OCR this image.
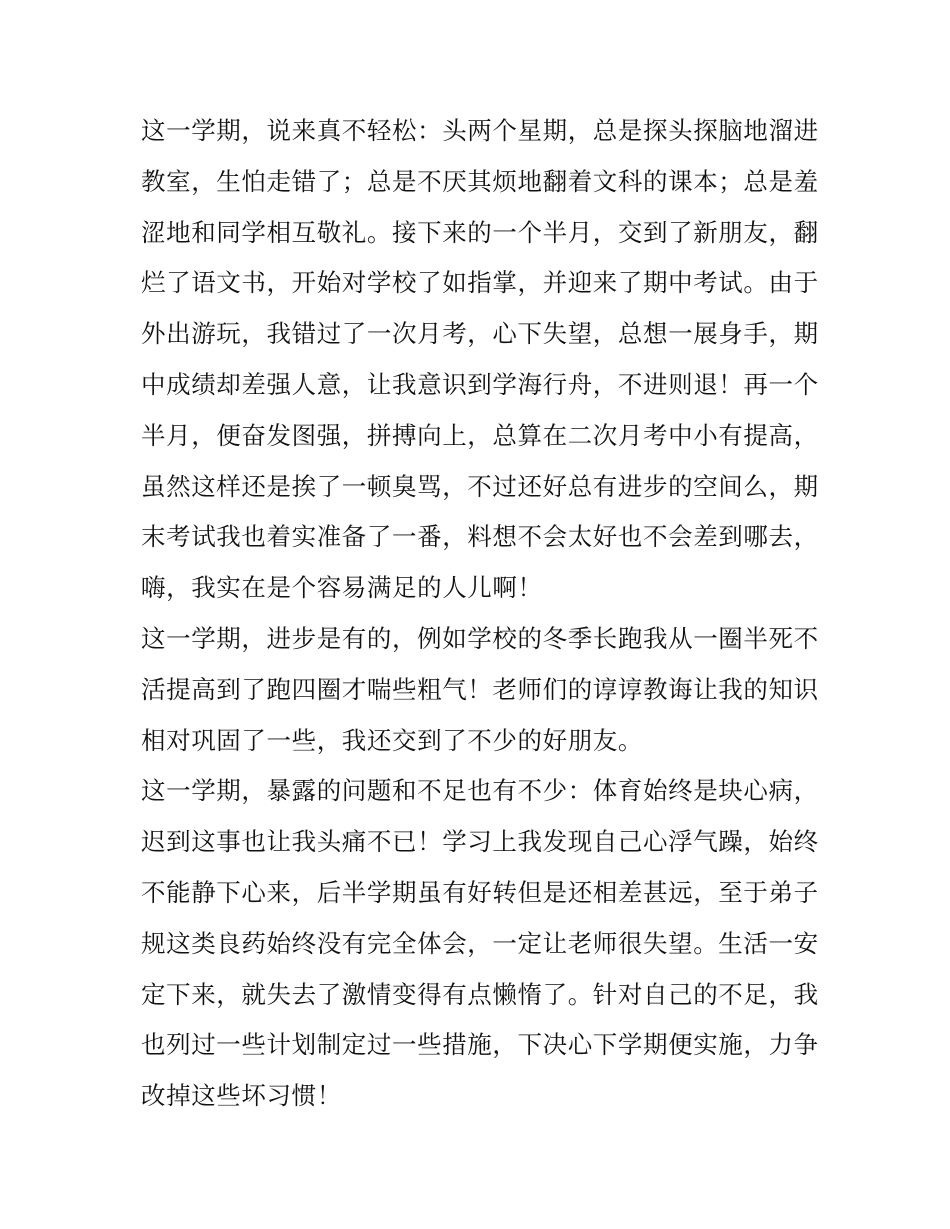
这一学期，说来真不轻松：头两个星期，总是探头探脑地溜进
教室，生怕走错了；总是不厌其烦地翻着文科的课本；总是羞
涩地和同学相互敬礼。接下来的一个半月，交到了新朋友，翻
烂了语文书，开始对学校了如指掌，并迎来了期中考试。由于
外出游玩，我错过了一次月考，心下失望，总想一展身手，期
中成绩却差强人意，让我意识到学海行舟，不进则退！再一个
半月，便奋发图强，拼搏向上，总算在二次月考中小有提高，
虽然这样还是挨了一顿臭骂，不过还好总有进步的空间么，期
末考试我也着实准备了一番，料想不会太好也不会差到哪去，
嗨，我实在是个容易满足的人儿啊！
这一学期，进步是有的，例如学校的冬季长跑我从一圈半死不
活提高到了跑四圈才喘些粗气！老师们的谆谆教诲让我的知识
相对巩固了一些，我还交到了不少的好朋友。
这一学期，暴露的问题和不足也有不少：体育始终是块心病，
迟到这事也让我头痛不已！学习上我发现自己心浮气躁，始终
不能静下心来，后半学期虽有好转但是还相差甚远，至于弟子
规这类良药始终没有完全体会，一定让老师很失望。生活一安
定下来，就失去了激情变得有点懒惰了。针对自己的不足，我
也列过一些计划制定过一些措施，下决心下学期便实施，力争
改掉这些坏习惯！
